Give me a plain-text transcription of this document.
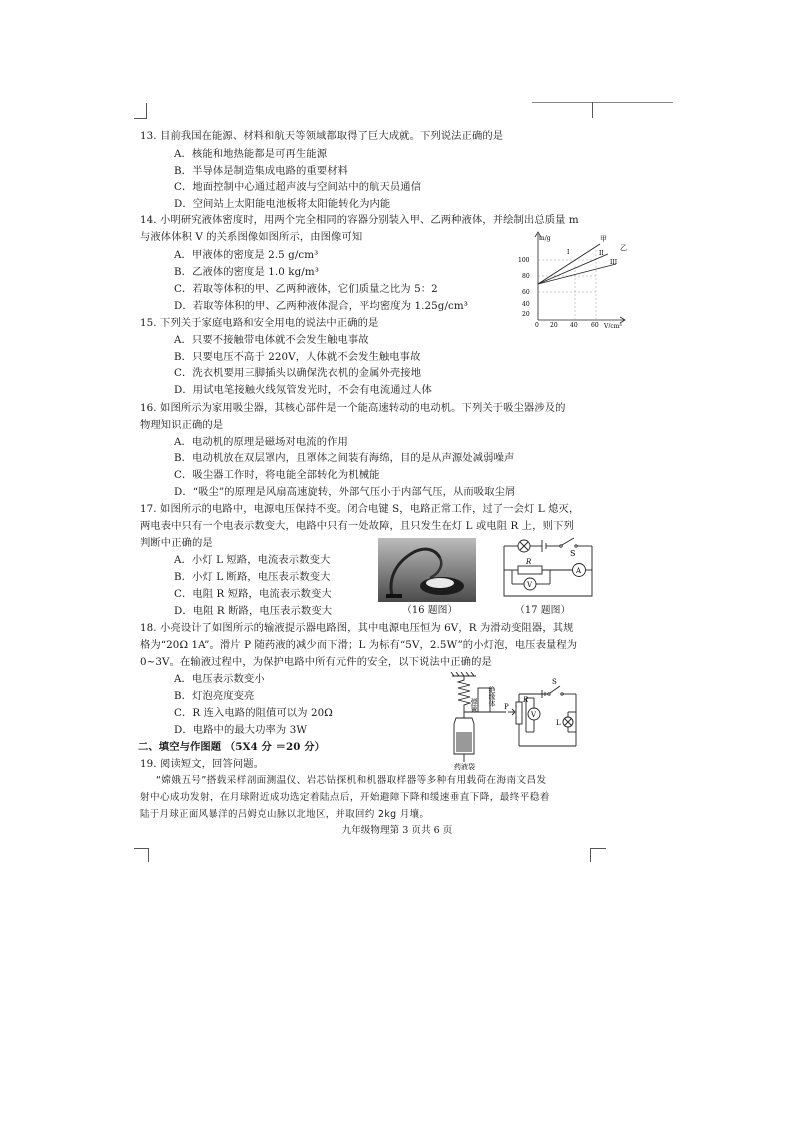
13. 目前我国在能源、材料和航天等领域都取得了巨大成就。下列说法正确的是
A．核能和地热能都是可再生能源
B．半导体是制造集成电路的重要材料
C．地面控制中心通过超声波与空间站中的航天员通信
D．空间站上太阳能电池板将太阳能转化为内能
14. 小明研究液体密度时，用两个完全相同的容器分别装入甲、乙两种液体，并绘制出总质量 m
与液体体积 V 的关系图像如图所示，由图像可知
A．甲液体的密度是 2.5 g/cm³
B．乙液体的密度是 1.0 kg/m³
C．若取等体积的甲、乙两种液体，它们质量之比为 5：2
D．若取等体积的甲、乙两种液体混合，平均密度为 1.25g/cm³
m/g
V/cm³
100
80
60
40
20
0 20 40 60
甲
乙
I	II
III
15. 下列关于家庭电路和安全用电的说法中正确的是
A．只要不接触带电体就不会发生触电事故
B．只要电压不高于 220V，人体就不会发生触电事故
C．洗衣机要用三脚插头以确保洗衣机的金属外壳接地
D．用试电笔接触火线氖管发光时，不会有电流通过人体
16. 如图所示为家用吸尘器，其核心部件是一个能高速转动的电动机。下列关于吸尘器涉及的
物理知识正确的是
A．电动机的原理是磁场对电流的作用
B．电动机放在双层罩内，且罩体之间装有海绵，目的是从声源处减弱噪声
C．吸尘器工作时，将电能全部转化为机械能
D．“吸尘”的原理是风扇高速旋转，外部气压小于内部气压，从而吸取尘屑
17. 如图所示的电路中，电源电压保持不变。闭合电键 S，电路正常工作，过了一会灯 L 熄灭，
两电表中只有一个电表示数变大，电路中只有一处故障，且只发生在灯 L 或电阻 R 上，则下列
判断中正确的是
A．小灯 L 短路，电流表示数变大
B．小灯 L 断路，电压表示数变大
C．电阻 R 短路，电流表示数变大
D．电阻 R 断路，电压表示数变大	（16 题图）
S
R
V
A
（17 题图）
18. 小亮设计了如图所示的输液提示器电路图，其中电源电压恒为 6V，R 为滑动变阻器，其规
格为“20Ω 1A”。滑片 P 随药液的减少而下滑；L 为标有“5V，2.5W”的小灯泡，电压表量程为
0~3V。在输液过程中，为保护电路中所有元件的安全，以下说法中正确的是
A．电压表示数变小
B．灯泡亮度变亮
C．R 连入电路的阻值可以为 20Ω
D．电路中的最大功率为 3W
弹簧 绝缘体 P
R
V
S
L
药液袋
二、填空与作图题 （5X4 分 ＝20 分）
19. 阅读短文，回答问题。
“嫦娥五号”搭载采样剖面测温仪、岩芯钻探机和机器取样器等多种有用载荷在海南文昌发
射中心成功发射，在月球附近成功选定着陆点后，开始避障下降和缓速垂直下降，最终平稳着
陆于月球正面风暴洋的吕姆克山脉以北地区，并取回约 2kg 月壤。
九年级物理第 3 页共 6 页
